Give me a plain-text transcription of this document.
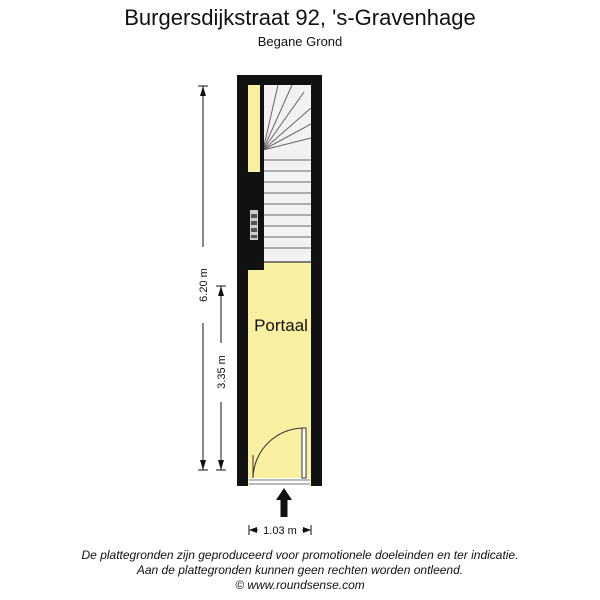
Burgersdijkstraat 92, 's-Gravenhage
Begane Grond
6.20 m
3.35 m
1.03 m
Portaal
De plattegronden zijn geproduceerd voor promotionele doeleinden en ter indicatie.
Aan de plattegronden kunnen geen rechten worden ontleend.
© www.roundsense.com
